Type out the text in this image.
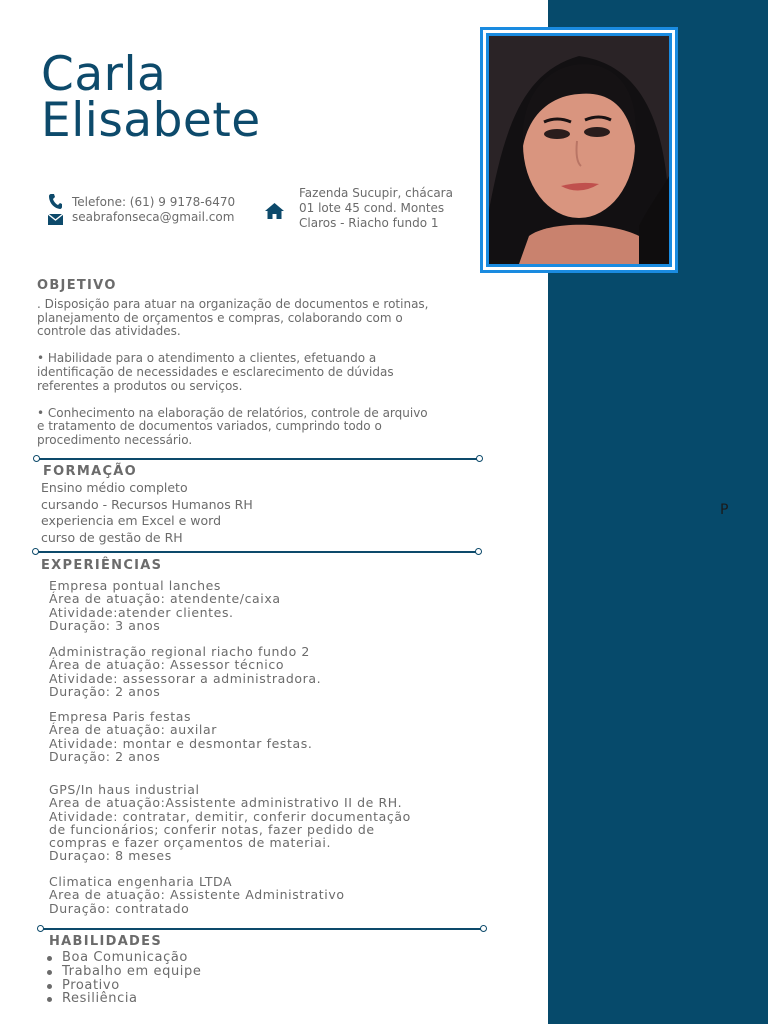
P
Carla
Elisabete
Telefone: (61) 9 9178-6470
seabrafonseca@gmail.com
Fazenda Sucupir, chácara
01 lote 45 cond. Montes
Claros - Riacho fundo 1
OBJETIVO

. Disposição para atuar na organização de documentos e rotinas, planejamento de orçamentos e compras, colaborando com o controle das atividades.

• Habilidade para o atendimento a clientes, efetuando a identificação de necessidades e esclarecimento de dúvidas referentes a produtos ou serviços.

• Conhecimento na elaboração de relatórios, controle de arquivo e tratamento de documentos variados, cumprindo todo o procedimento necessário.

FORMAÇÃO
Ensino médio completo
cursando - Recursos Humanos RH
experiencia em Excel e word
curso de gestão de RH
EXPERIÊNCIAS
Empresa pontual lanches
Área de atuação: atendente/caixa
Atividade:atender clientes.
Duração: 3 anos
Administração regional riacho fundo 2
Área de atuação: Assessor técnico
Atividade: assessorar a administradora.
Duração: 2 anos
Empresa Paris festas
Área de atuação: auxilar
Atividade: montar e desmontar festas.
Duração: 2 anos
GPS/In haus industrial
Area de atuação:Assistente administrativo II de RH.
Atividade: contratar, demitir, conferir documentação
de funcionários; conferir notas, fazer pedido de
compras e fazer orçamentos de materiai.
Duraçao: 8 meses
Climatica engenharia LTDA
Area de atuação: Assistente Administrativo
Duração: contratado
HABILIDADES
Boa Comunicação
Trabalho em equipe
Proativo
Resiliência
